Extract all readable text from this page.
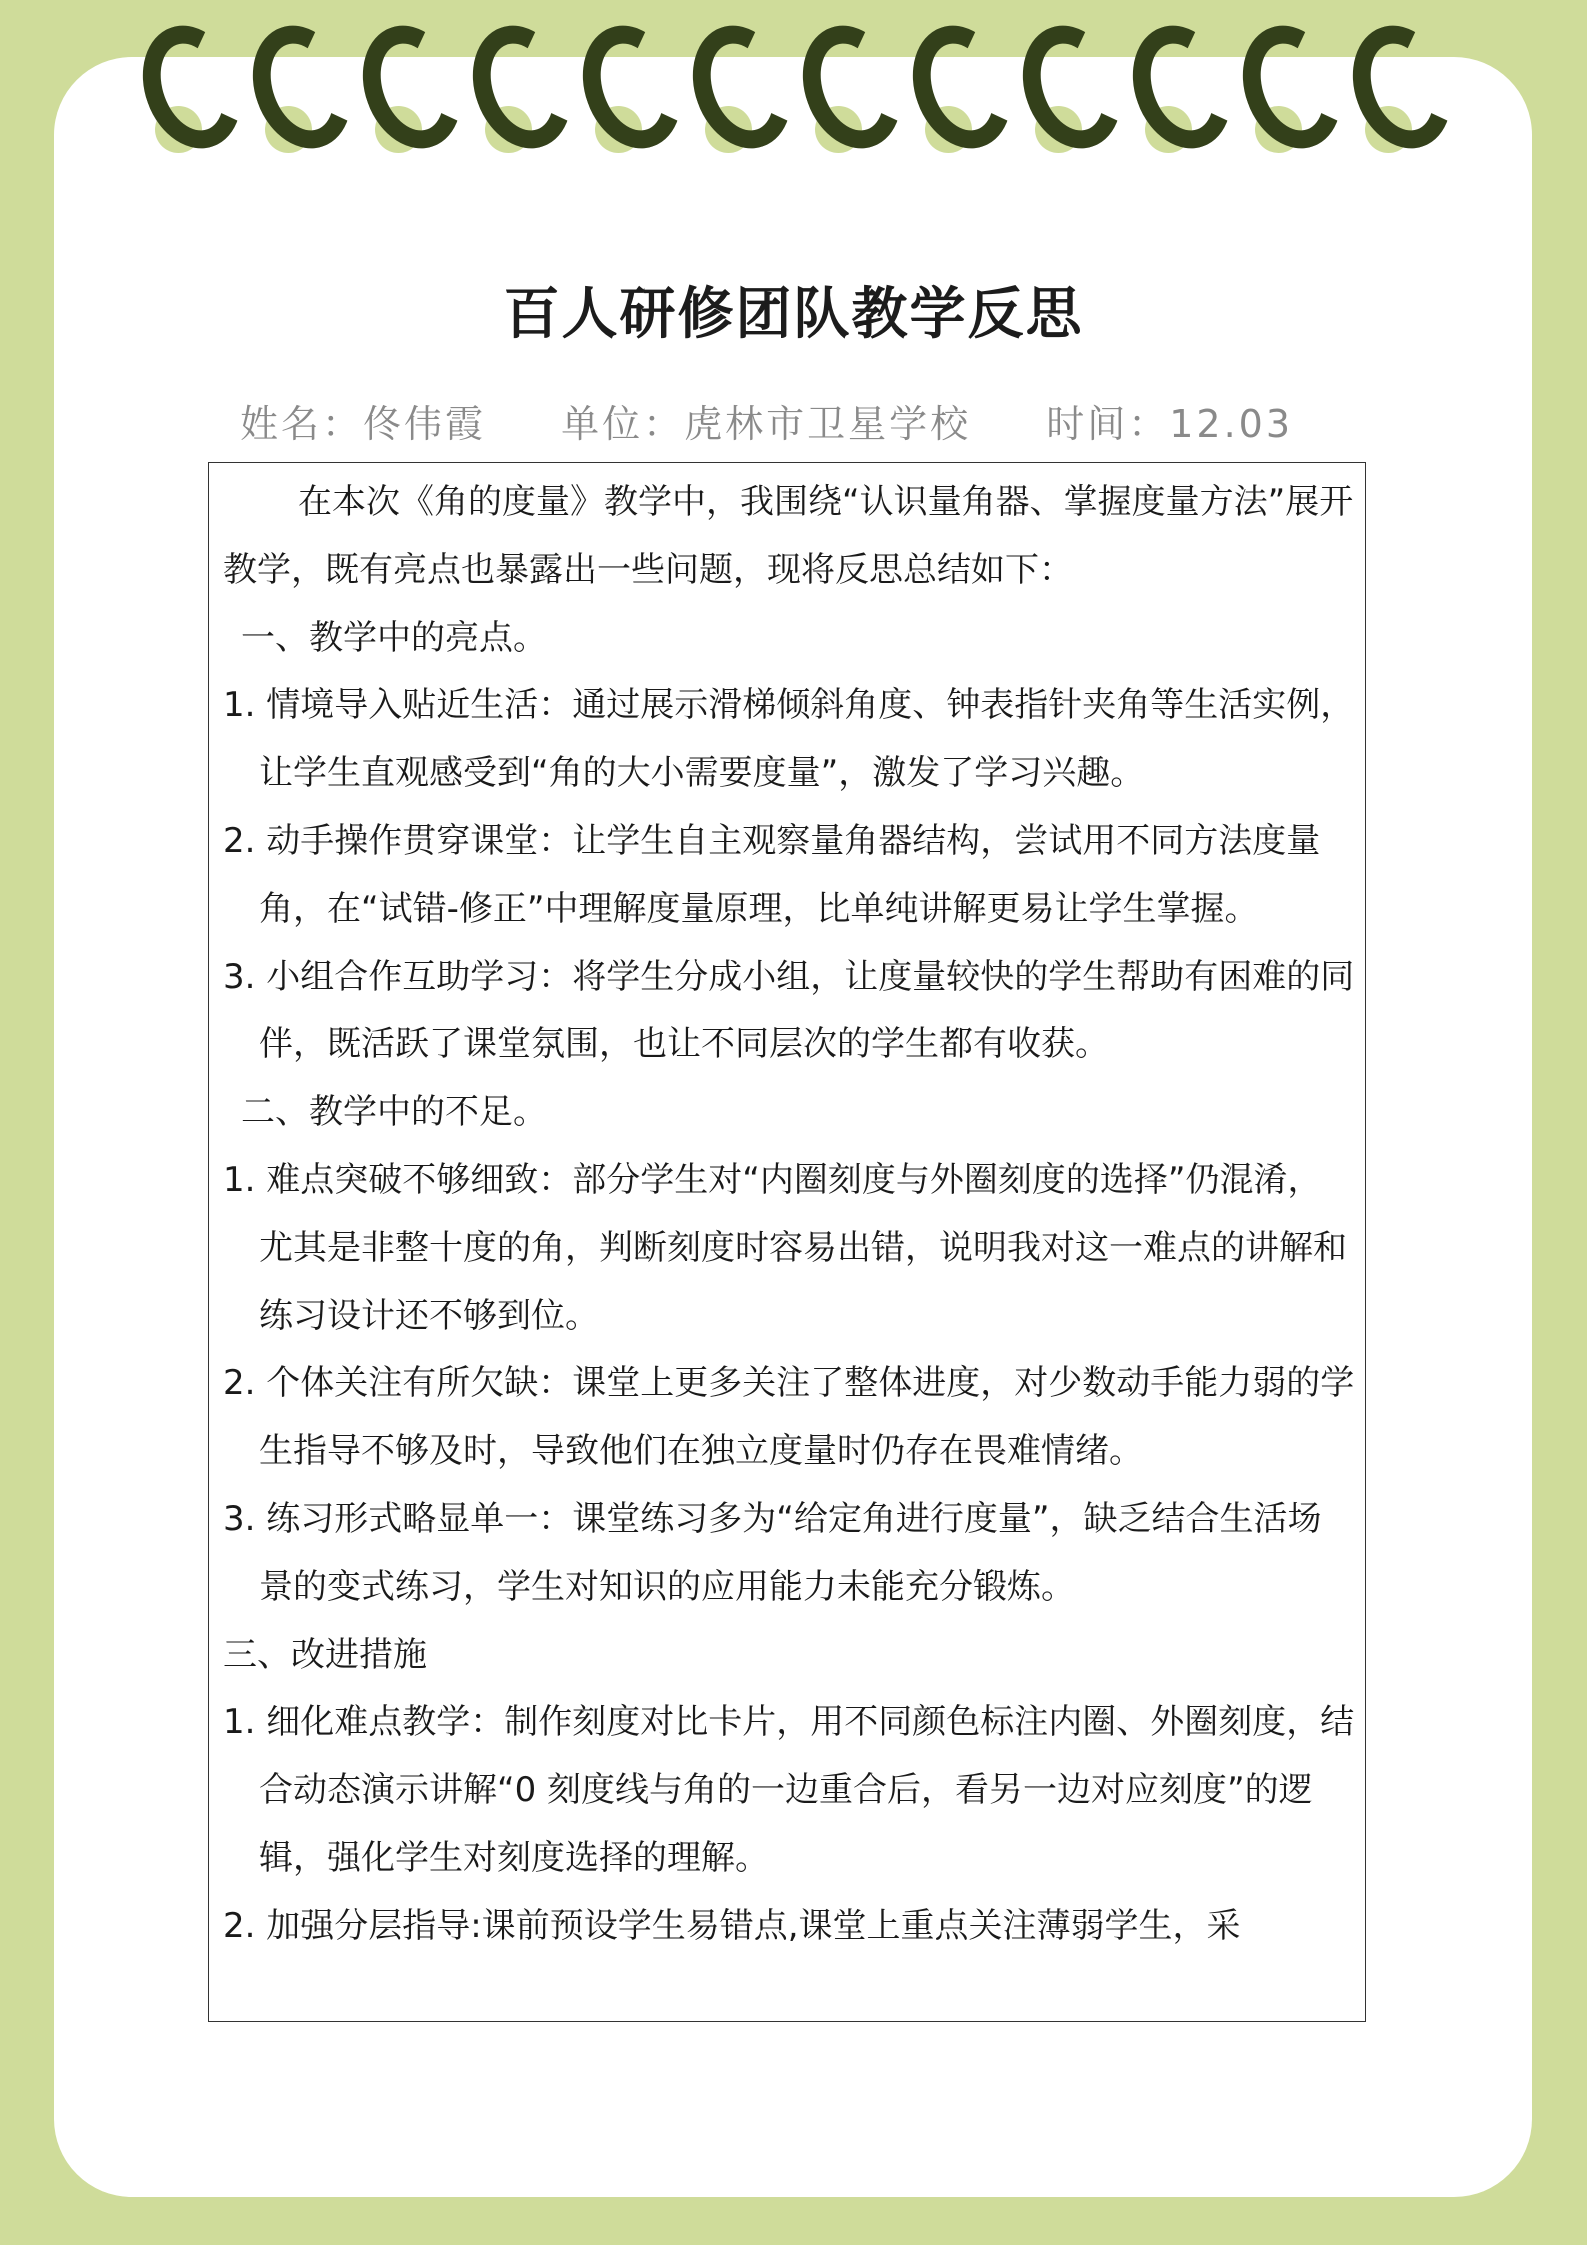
百人研修团队教学反思
姓名：佟伟霞 单位：虎林市卫星学校 时间：12.03

在本次《角的度量》教学中，我围绕“认识量角器、掌握度量方法”展开教学，既有亮点也暴露出一些问题，现将反思总结如下：

一、教学中的亮点。

1. 情境导入贴近生活：通过展示滑梯倾斜角度、钟表指针夹角等生活实例，让学生直观感受到“角的大小需要度量”，激发了学习兴趣。

2. 动手操作贯穿课堂：让学生自主观察量角器结构，尝试用不同方法度量角，在“试错-修正”中理解度量原理，比单纯讲解更易让学生掌握。

3. 小组合作互助学习：将学生分成小组，让度量较快的学生帮助有困难的同伴，既活跃了课堂氛围，也让不同层次的学生都有收获。

二、教学中的不足。

1. 难点突破不够细致：部分学生对“内圈刻度与外圈刻度的选择”仍混淆，尤其是非整十度的角，判断刻度时容易出错，说明我对这一难点的讲解和练习设计还不够到位。

2. 个体关注有所欠缺：课堂上更多关注了整体进度，对少数动手能力弱的学生指导不够及时，导致他们在独立度量时仍存在畏难情绪。

3. 练习形式略显单一：课堂练习多为“给定角进行度量”，缺乏结合生活场景的变式练习，学生对知识的应用能力未能充分锻炼。

三、改进措施

1. 细化难点教学：制作刻度对比卡片，用不同颜色标注内圈、外圈刻度，结合动态演示讲解“0 刻度线与角的一边重合后，看另一边对应刻度”的逻辑，强化学生对刻度选择的理解。

2. 加强分层指导:课前预设学生易错点,课堂上重点关注薄弱学生，采
